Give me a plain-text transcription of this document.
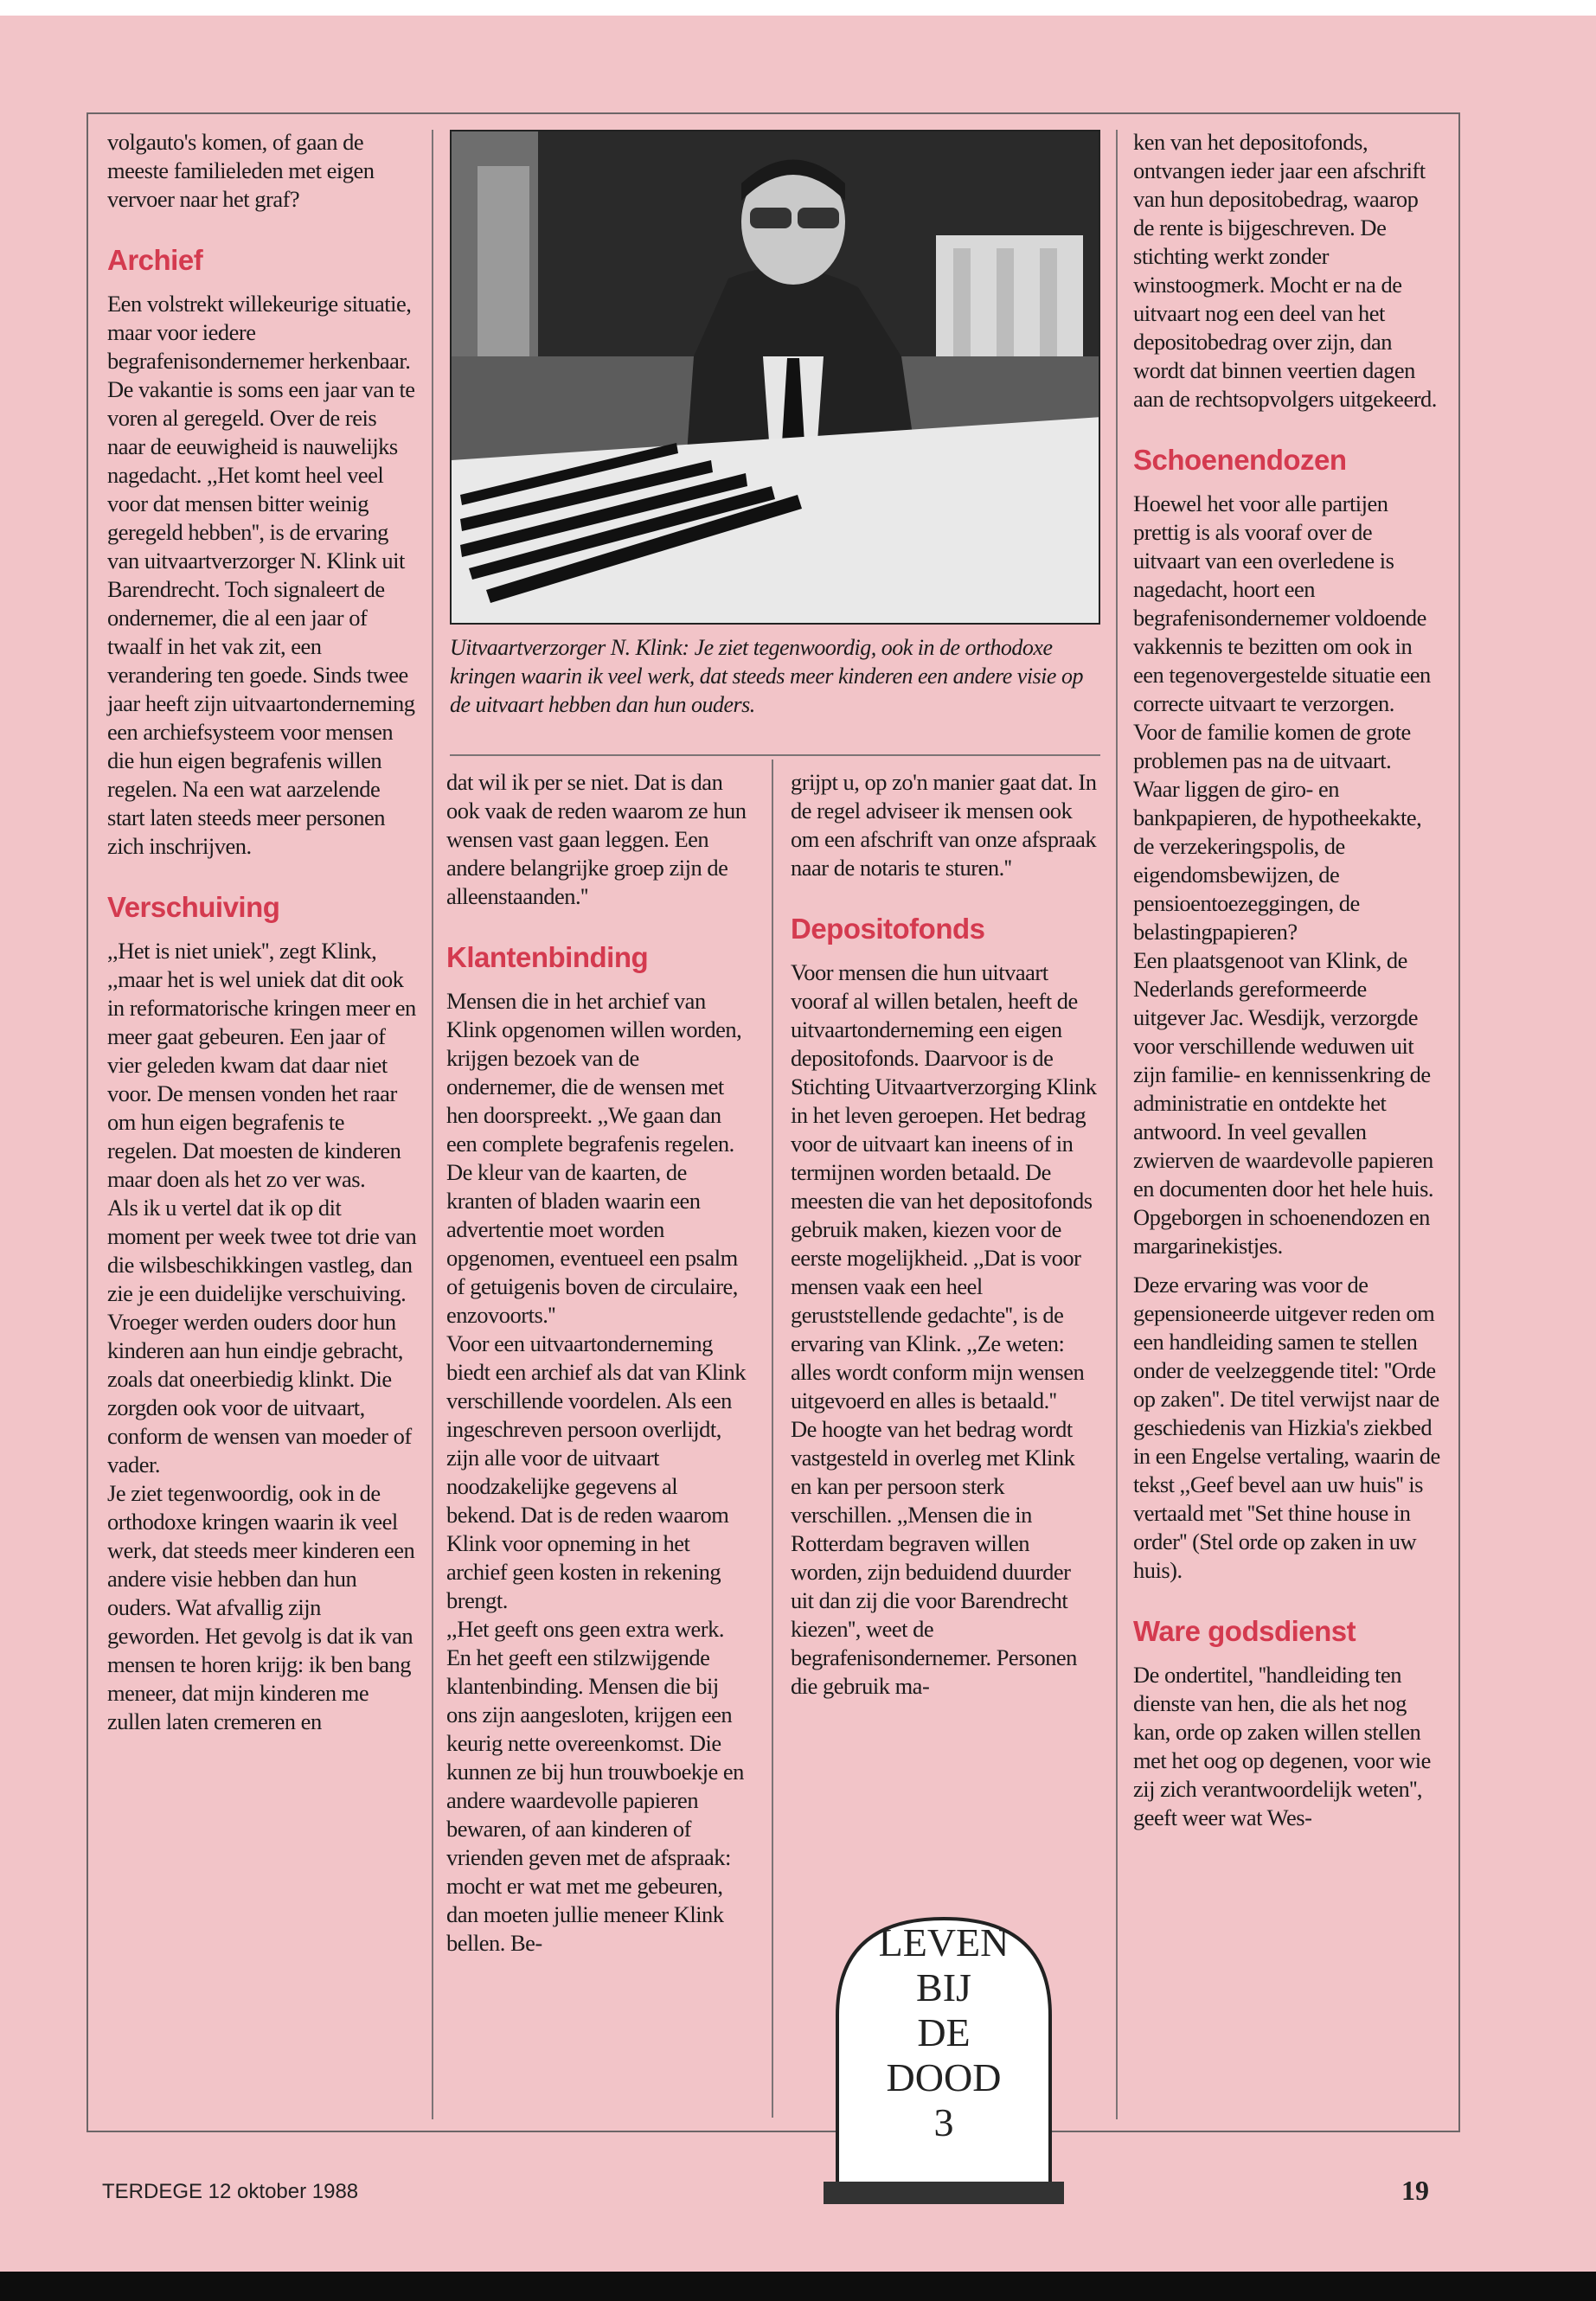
volgauto's komen, of gaan de meeste familieleden met eigen vervoer naar het graf?

Archief

Een volstrekt willekeurige situatie, maar voor iedere begrafenisondernemer herkenbaar. De vakantie is soms een jaar van te voren al geregeld. Over de reis naar de eeuwigheid is nauwelijks nagedacht. ,,Het komt heel veel voor dat mensen bitter weinig geregeld hebben'', is de ervaring van uitvaartverzorger N. Klink uit Barendrecht. Toch signaleert de ondernemer, die al een jaar of twaalf in het vak zit, een verandering ten goede. Sinds twee jaar heeft zijn uitvaartonderneming een archiefsysteem voor mensen die hun eigen begrafenis willen regelen. Na een wat aarzelende start laten steeds meer personen zich inschrijven.

Verschuiving

,,Het is niet uniek'', zegt Klink, ,,maar het is wel uniek dat dit ook in reformatorische kringen meer en meer gaat gebeuren. Een jaar of vier geleden kwam dat daar niet voor. De mensen vonden het raar om hun eigen begrafenis te regelen. Dat moesten de kinderen maar doen als het zo ver was.

Als ik u vertel dat ik op dit moment per week twee tot drie van die wilsbeschikkingen vastleg, dan zie je een duidelijke verschuiving. Vroeger werden ouders door hun kinderen aan hun eindje gebracht, zoals dat oneerbiedig klinkt. Die zorgden ook voor de uitvaart, conform de wensen van moeder of vader.

Je ziet tegenwoordig, ook in de orthodoxe kringen waarin ik veel werk, dat steeds meer kinderen een andere visie hebben dan hun ouders. Wat afvallig zijn geworden. Het gevolg is dat ik van mensen te horen krijg: ik ben bang meneer, dat mijn kinderen me zullen laten cremeren en

Uitvaartverzorger N. Klink: Je ziet tegenwoordig, ook in de orthodoxe kringen waarin ik veel werk, dat steeds meer kinderen een andere visie op de uitvaart hebben dan hun ouders.

dat wil ik per se niet. Dat is dan ook vaak de reden waarom ze hun wensen vast gaan leggen. Een andere belangrijke groep zijn de alleenstaanden.''

Klantenbinding

Mensen die in het archief van Klink opgenomen willen worden, krijgen bezoek van de ondernemer, die de wensen met hen doorspreekt. ,,We gaan dan een complete begrafenis regelen. De kleur van de kaarten, de kranten of bladen waarin een advertentie moet worden opgenomen, eventueel een psalm of getuigenis boven de circulaire, enzovoorts.''

Voor een uitvaartonderneming biedt een archief als dat van Klink verschillende voordelen. Als een ingeschreven persoon overlijdt, zijn alle voor de uitvaart noodzakelijke gegevens al bekend. Dat is de reden waarom Klink voor opneming in het archief geen kosten in rekening brengt.

,,Het geeft ons geen extra werk. En het geeft een stilzwijgende klantenbinding. Mensen die bij ons zijn aangesloten, krijgen een keurig nette overeenkomst. Die kunnen ze bij hun trouwboekje en andere waardevolle papieren bewaren, of aan kinderen of vrienden geven met de afspraak: mocht er wat met me gebeuren, dan moeten jullie meneer Klink bellen. Be-

grijpt u, op zo'n manier gaat dat. In de regel adviseer ik mensen ook om een afschrift van onze afspraak naar de notaris te sturen.''

Depositofonds

Voor mensen die hun uitvaart vooraf al willen betalen, heeft de uitvaartonderneming een eigen depositofonds. Daarvoor is de Stichting Uitvaartverzorging Klink in het leven geroepen. Het bedrag voor de uitvaart kan ineens of in termijnen worden betaald. De meesten die van het depositofonds gebruik maken, kiezen voor de eerste mogelijkheid. ,,Dat is voor mensen vaak een heel geruststellende gedachte'', is de ervaring van Klink. ,,Ze weten: alles wordt conform mijn wensen uitgevoerd en alles is betaald.''

De hoogte van het bedrag wordt vastgesteld in overleg met Klink en kan per persoon sterk verschillen. ,,Mensen die in Rotterdam begraven willen worden, zijn beduidend duurder uit dan zij die voor Barendrecht kiezen'', weet de begrafenisondernemer. Personen die gebruik ma-

ken van het depositofonds, ontvangen ieder jaar een afschrift van hun depositobedrag, waarop de rente is bijgeschreven. De stichting werkt zonder winstoogmerk. Mocht er na de uitvaart nog een deel van het depositobedrag over zijn, dan wordt dat binnen veertien dagen aan de rechtsopvolgers uitgekeerd.

Schoenendozen

Hoewel het voor alle partijen prettig is als vooraf over de uitvaart van een overledene is nagedacht, hoort een begrafenisondernemer voldoende vakkennis te bezitten om ook in een tegenovergestelde situatie een correcte uitvaart te verzorgen. Voor de familie komen de grote problemen pas na de uitvaart. Waar liggen de giro- en bankpapieren, de hypotheekakte, de verzekeringspolis, de eigendomsbewijzen, de pensioentoezeggingen, de belastingpapieren?

Een plaatsgenoot van Klink, de Nederlands gereformeerde uitgever Jac. Wesdijk, verzorgde voor verschillende weduwen uit zijn familie- en kennissenkring de administratie en ontdekte het antwoord. In veel gevallen zwierven de waardevolle papieren en documenten door het hele huis. Opgeborgen in schoenendozen en margarinekistjes.

Deze ervaring was voor de gepensioneerde uitgever reden om een handleiding samen te stellen onder de veelzeggende titel: ''Orde op zaken''. De titel verwijst naar de geschiedenis van Hizkia's ziekbed in een Engelse vertaling, waarin de tekst ,,Geef bevel aan uw huis'' is vertaald met ''Set thine house in order'' (Stel orde op zaken in uw huis).

Ware godsdienst

De ondertitel, ''handleiding ten dienste van hen, die als het nog kan, orde op zaken willen stellen met het oog op degenen, voor wie zij zich verantwoordelijk weten'', geeft weer wat Wes-

LEVEN
BIJ
DE
DOOD
3
TERDEGE 12 oktober 1988	19
